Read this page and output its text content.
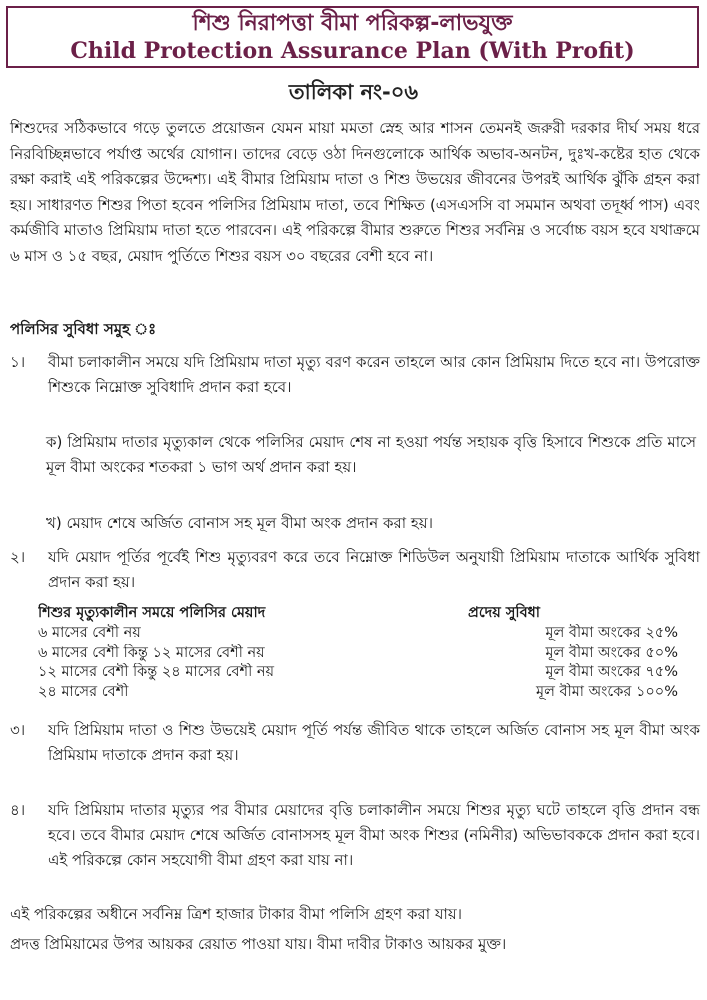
শিশু নিরাপত্তা বীমা পরিকল্প-লাভযুক্ত
Child Protection Assurance Plan (With Profit)
তালিকা নং-০৬

শিশুদের সঠিকভাবে গড়ে তুলতে প্রয়োজন যেমন মায়া মমতা স্নেহ আর শাসন তেমনই জরুরী দরকার দীর্ঘ সময় ধরে নিরবিচ্ছিন্নভাবে পর্যাপ্ত অর্থের যোগান। তাদের বেড়ে ওঠা দিনগুলোকে আর্থিক অভাব-অনটন, দুঃখ-কষ্টের হাত থেকে রক্ষা করাই এই পরিকল্পের উদ্দেশ্য। এই বীমার প্রিমিয়াম দাতা ও শিশু উভয়ের জীবনের উপরই আর্থিক ঝুঁকি গ্রহন করা হয়। সাধারণত শিশুর পিতা হবেন পলিসির প্রিমিয়াম দাতা, তবে শিক্ষিত (এসএসসি বা সমমান অথবা তদূর্ধ্ব পাস) এবং কর্মজীবি মাতাও প্রিমিয়াম দাতা হতে পারবেন। এই পরিকল্পে বীমার শুরুতে শিশুর সর্বনিম্ন ও সর্বোচ্চ বয়স হবে যথাক্রমে ৬ মাস ও ১৫ বছর, মেয়াদ পুর্তিতে শিশুর বয়স ৩০ বছরের বেশী হবে না।

পলিসির সুবিধা সমুহ ঃ

১।	বীমা চলাকালীন সময়ে যদি প্রিমিয়াম দাতা মৃত্যু বরণ করেন তাহলে আর কোন প্রিমিয়াম দিতে হবে না। উপরোক্ত শিশুকে নিম্নোক্ত সুবিধাদি প্রদান করা হবে।
ক) প্রিমিয়াম দাতার মৃত্যুকাল থেকে পলিসির মেয়াদ শেষ না হওয়া পর্যন্ত সহায়ক বৃত্তি হিসাবে শিশুকে প্রতি মাসে মূল বীমা অংকের শতকরা ১ ভাগ অর্থ প্রদান করা হয়।
খ) মেয়াদ শেষে অর্জিত বোনাস সহ মূল বীমা অংক প্রদান করা হয়।
২।	যদি মেয়াদ পূর্তির পূর্বেই শিশু মৃত্যুবরণ করে তবে নিম্নোক্ত শিডিউল অনুযায়ী প্রিমিয়াম দাতাকে আর্থিক সুবিধা প্রদান করা হয়।
শিশুর মৃত্যুকালীন সময়ে পলিসির মেয়াদ	প্রদেয় সুবিধা
৬ মাসের বেশী নয়	মূল বীমা অংকের ২৫%
৬ মাসের বেশী কিন্তু ১২ মাসের বেশী নয়	মূল বীমা অংকের ৫০%
১২ মাসের বেশী কিন্তু ২৪ মাসের বেশী নয়	মূল বীমা অংকের ৭৫%
২৪ মাসের বেশী	মূল বীমা অংকের ১০০%
৩।	যদি প্রিমিয়াম দাতা ও শিশু উভয়েই মেয়াদ পূর্তি পর্যন্ত জীবিত থাকে তাহলে অর্জিত বোনাস সহ মূল বীমা অংক প্রিমিয়াম দাতাকে প্রদান করা হয়।
৪।	যদি প্রিমিয়াম দাতার মৃত্যুর পর বীমার মেয়াদের বৃত্তি চলাকালীন সময়ে শিশুর মৃত্যু ঘটে তাহলে বৃত্তি প্রদান বন্ধ হবে। তবে বীমার মেয়াদ শেষে অর্জিত বোনাসসহ মূল বীমা অংক শিশুর (নমিনীর) অভিভাবককে প্রদান করা হবে। এই পরিকল্পে কোন সহযোগী বীমা গ্রহণ করা যায় না।

এই পরিকল্পের অধীনে সর্বনিম্ন ত্রিশ হাজার টাকার বীমা পলিসি গ্রহণ করা যায়।

প্রদত্ত প্রিমিয়ামের উপর আয়কর রেয়াত পাওয়া যায়। বীমা দাবীর টাকাও আয়কর মুক্ত।
